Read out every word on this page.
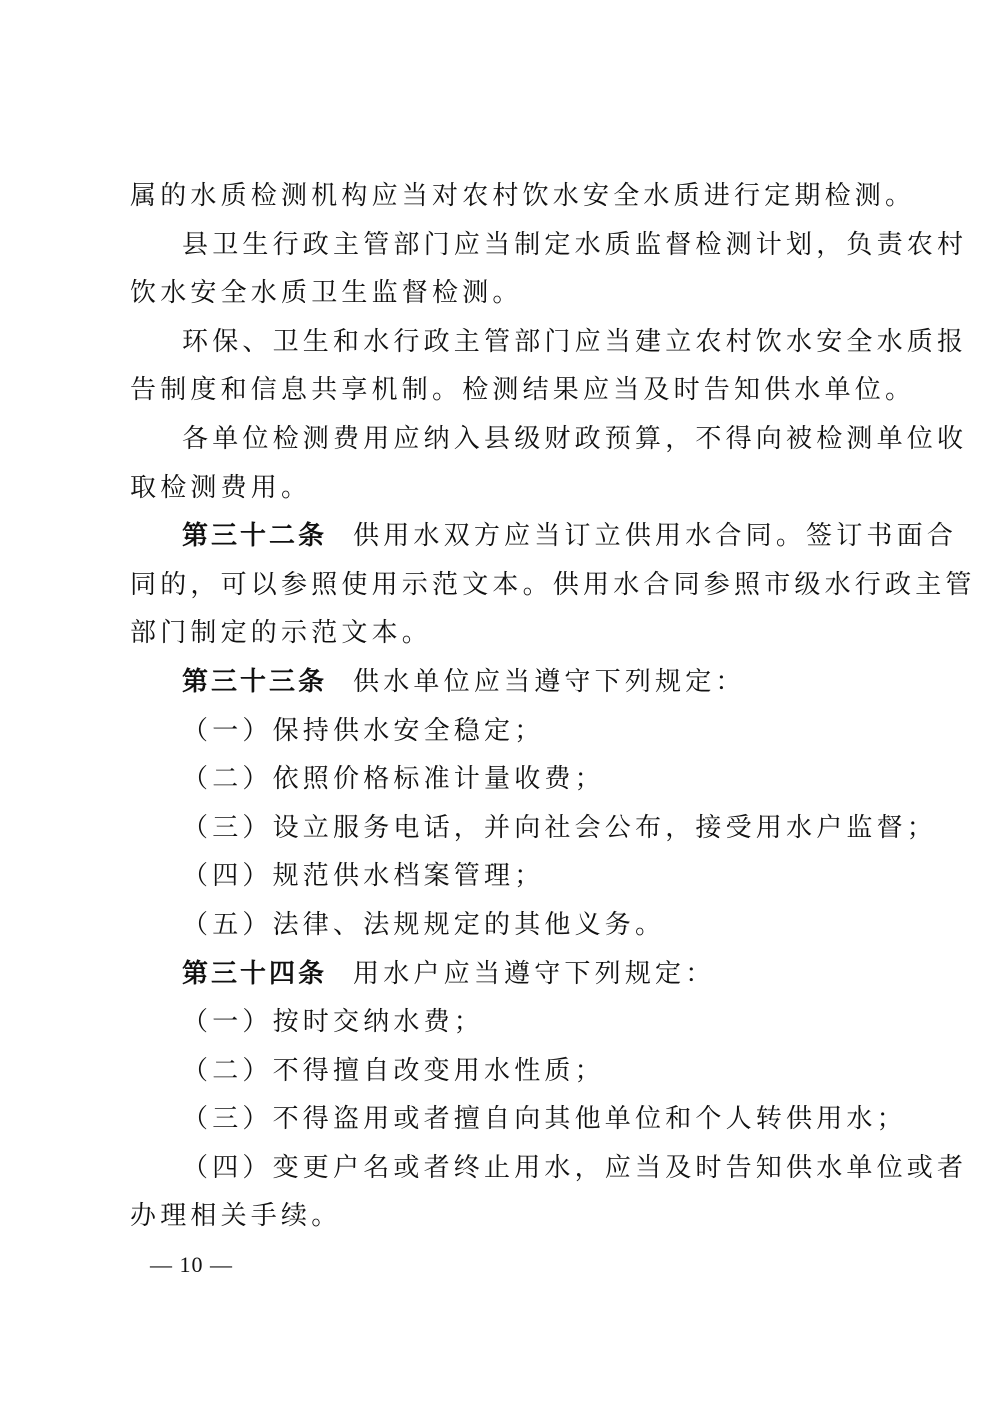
属的水质检测机构应当对农村饮水安全水质进行定期检测。
县卫生行政主管部门应当制定水质监督检测计划，负责农村
饮水安全水质卫生监督检测。
环保、卫生和水行政主管部门应当建立农村饮水安全水质报
告制度和信息共享机制。检测结果应当及时告知供水单位。
各单位检测费用应纳入县级财政预算，不得向被检测单位收
取检测费用。
第三十二条 供用水双方应当订立供用水合同。签订书面合
同的，可以参照使用示范文本。供用水合同参照市级水行政主管
部门制定的示范文本。
第三十三条 供水单位应当遵守下列规定：
（一）保持供水安全稳定；
（二）依照价格标准计量收费；
（三）设立服务电话，并向社会公布，接受用水户监督；
（四）规范供水档案管理；
（五）法律、法规规定的其他义务。
第三十四条 用水户应当遵守下列规定：
（一）按时交纳水费；
（二）不得擅自改变用水性质；
（三）不得盗用或者擅自向其他单位和个人转供用水；
（四）变更户名或者终止用水，应当及时告知供水单位或者
办理相关手续。
— 10 —
